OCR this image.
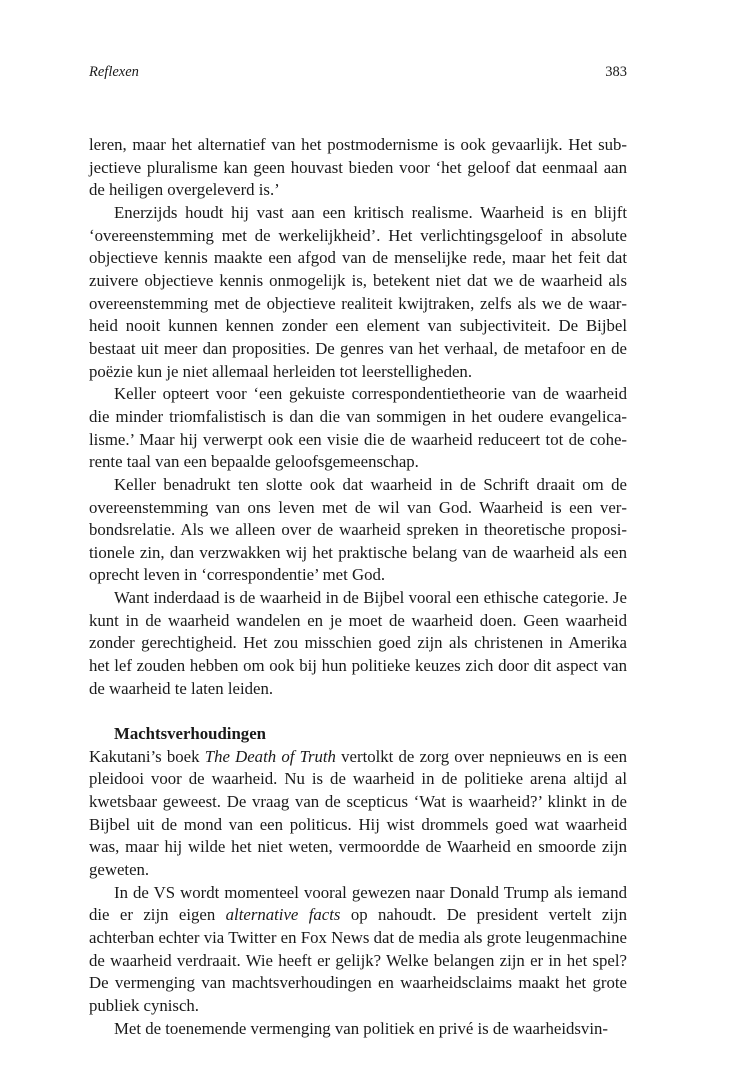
Reflexen	383

leren, maar het alternatief van het postmodernisme is ook gevaarlijk. Het subjectieve pluralisme kan geen houvast bieden voor ‘het geloof dat eenmaal aan de heiligen overgeleverd is.’

Enerzijds houdt hij vast aan een kritisch realisme. Waarheid is en blijft ‘overeenstemming met de werkelijkheid’. Het verlichtingsgeloof in absolute objectieve kennis maakte een afgod van de menselijke rede, maar het feit dat zuivere objectieve kennis onmogelijk is, betekent niet dat we de waarheid als overeenstemming met de objectieve realiteit kwijtraken, zelfs als we de waarheid nooit kunnen kennen zonder een element van subjectiviteit. De Bijbel bestaat uit meer dan proposities. De genres van het verhaal, de metafoor en de poëzie kun je niet allemaal herleiden tot leerstelligheden.

Keller opteert voor ‘een gekuiste correspondentietheorie van de waarheid die minder triomfalistisch is dan die van sommigen in het oudere evangelicalisme.’ Maar hij verwerpt ook een visie die de waarheid reduceert tot de coherente taal van een bepaalde geloofsgemeenschap.

Keller benadrukt ten slotte ook dat waarheid in de Schrift draait om de overeenstemming van ons leven met de wil van God. Waarheid is een verbondsrelatie. Als we alleen over de waarheid spreken in theoretische propositionele zin, dan verzwakken wij het praktische belang van de waarheid als een oprecht leven in ‘correspondentie’ met God.

Want inderdaad is de waarheid in de Bijbel vooral een ethische categorie. Je kunt in de waarheid wandelen en je moet de waarheid doen. Geen waarheid zonder gerechtigheid. Het zou misschien goed zijn als christenen in Amerika het lef zouden hebben om ook bij hun politieke keuzes zich door dit aspect van de waarheid te laten leiden.

Machtsverhoudingen

Kakutani’s boek The Death of Truth vertolkt de zorg over nepnieuws en is een pleidooi voor de waarheid. Nu is de waarheid in de politieke arena altijd al kwetsbaar geweest. De vraag van de scepticus ‘Wat is waarheid?’ klinkt in de Bijbel uit de mond van een politicus. Hij wist drommels goed wat waarheid was, maar hij wilde het niet weten, vermoordde de Waarheid en smoorde zijn geweten.

In de VS wordt momenteel vooral gewezen naar Donald Trump als iemand die er zijn eigen alternative facts op nahoudt. De president vertelt zijn achterban echter via Twitter en Fox News dat de media als grote leugenmachine de waarheid verdraait. Wie heeft er gelijk? Welke belangen zijn er in het spel? De vermenging van machtsverhoudingen en waarheidsclaims maakt het grote publiek cynisch.

Met de toenemende vermenging van politiek en privé is de waarheidsvin-
